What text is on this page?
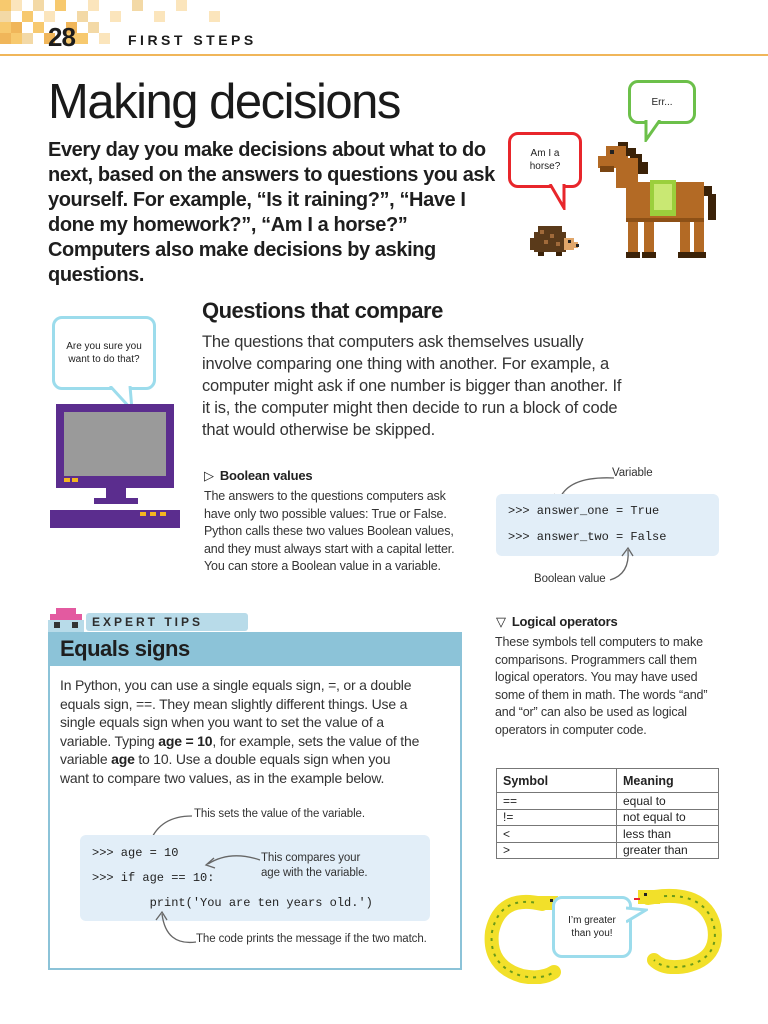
28	FIRST STEPS
Making decisions
Every day you make decisions about what to do next, based on the answers to questions you ask yourself. For example, “Is it raining?”, “Have I done my homework?”, “Am I a horse?” Computers also make decisions by asking questions.
Err...
Am I a horse?
Are you sure you want to do that?
Questions that compare
The questions that computers ask themselves usually involve comparing one thing with another. For example, a computer might ask if one number is bigger than another. If it is, the computer might then decide to run a block of code that would otherwise be skipped.
▷ Boolean values
The answers to the questions computers ask have only two possible values: True or False. Python calls these two values Boolean values, and they must always start with a capital letter. You can store a Boolean value in a variable.
Variable
>>> answer_one = True
>>> answer_two = False
Boolean value
EXPERT TIPS
Equals signs
In Python, you can use a single equals sign, =, or a double equals sign, ==. They mean slightly different things. Use a single equals sign when you want to set the value of a variable. Typing age = 10, for example, sets the value of the variable age to 10. Use a double equals sign when you want to compare two values, as in the example below.
This sets the value of the variable.
>>> age = 10
>>> if age == 10:
print('You are ten years old.')
This compares your age with the variable.
The code prints the message if the two match.
▽ Logical operators
These symbols tell computers to make comparisons. Programmers call them logical operators. You may have used some of them in math. The words “and” and “or” can also be used as logical operators in computer code.
Symbol	Meaning
==	equal to
!=	not equal to
<	less than
>	greater than
I’m greater than you!
